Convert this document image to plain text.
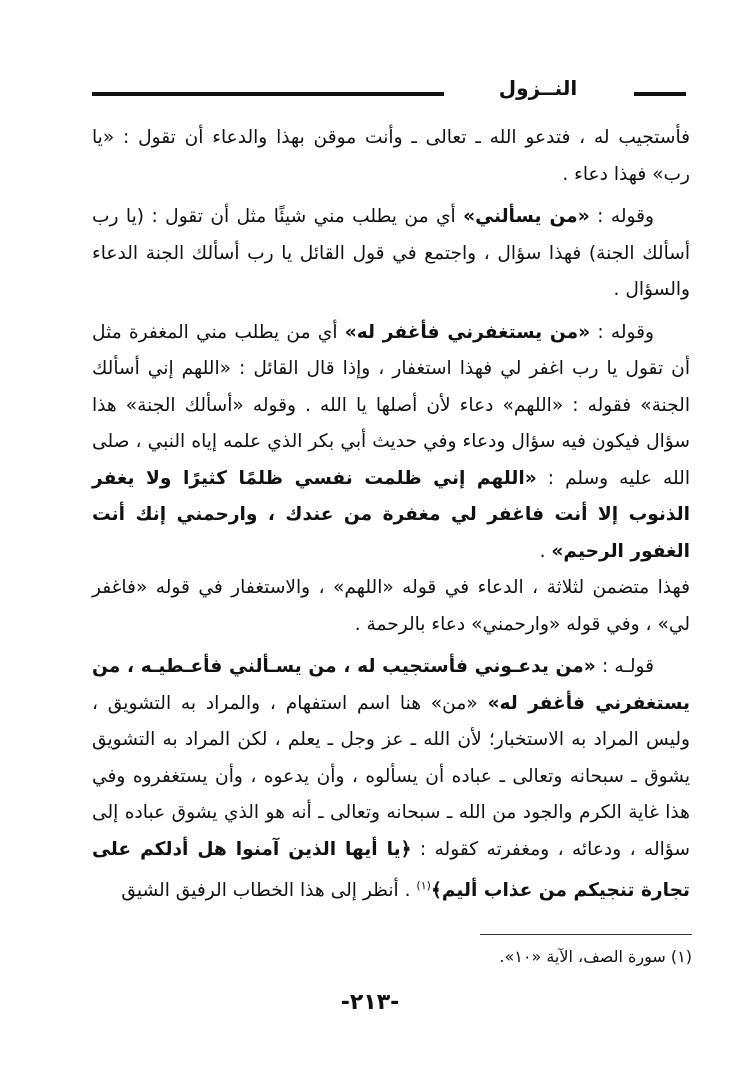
النــزول

فأستجيب له ، فتدعو الله ـ تعالى ـ وأنت موقن بهذا والدعاء أن تقول : «يا رب» فهذا دعاء .

وقوله : «من يسألني» أي من يطلب مني شيئًا مثل أن تقول : (يا رب أسألك الجنة) فهذا سؤال ، واجتمع في قول القائل يا رب أسألك الجنة الدعاء والسؤال .

وقوله : «من يستغفرني فأغفر له» أي من يطلب مني المغفرة مثل أن تقول يا رب اغفر لي فهذا استغفار ، وإذا قال القائل : «اللهم إني أسألك الجنة» فقوله : «اللهم» دعاء لأن أصلها يا الله . وقوله «أسألك الجنة» هذا سؤال فيكون فيه سؤال ودعاء وفي حديث أبي بكر الذي علمه إياه النبي ، صلى الله عليه وسلم : «اللهم إني ظلمت نفسي ظلمًا كثيرًا ولا يغفر الذنوب إلا أنت فاغفر لي مغفرة من عندك ، وارحمني إنك أنت الغفور الرحيم» .

فهذا متضمن لثلاثة ، الدعاء في قوله «اللهم» ، والاستغفار في قوله «فاغفر لي» ، وفي قوله «وارحمني» دعاء بالرحمة .

قولـه : «من يدعـوني فأستجيب له ، من يسـألني فأعـطيـه ، من يستغفرني فأغفر له» «من» هنا اسم استفهام ، والمراد به التشويق ، وليس المراد به الاستخبار؛ لأن الله ـ عز وجل ـ يعلم ، لكن المراد به التشويق يشوق ـ سبحانه وتعالى ـ عباده أن يسألوه ، وأن يدعوه ، وأن يستغفروه وفي هذا غاية الكرم والجود من الله ـ سبحانه وتعالى ـ أنه هو الذي يشوق عباده إلى سؤاله ، ودعائه ، ومغفرته كقوله : ﴿يا أيها الذين آمنوا هل أدلكم على تجارة تنجيكم من عذاب أليم﴾$^{(١)}$ . أنظر إلى هذا الخطاب الرفيق الشيق

(١) سورة الصف، الآية «١٠».
-٢١٣-
